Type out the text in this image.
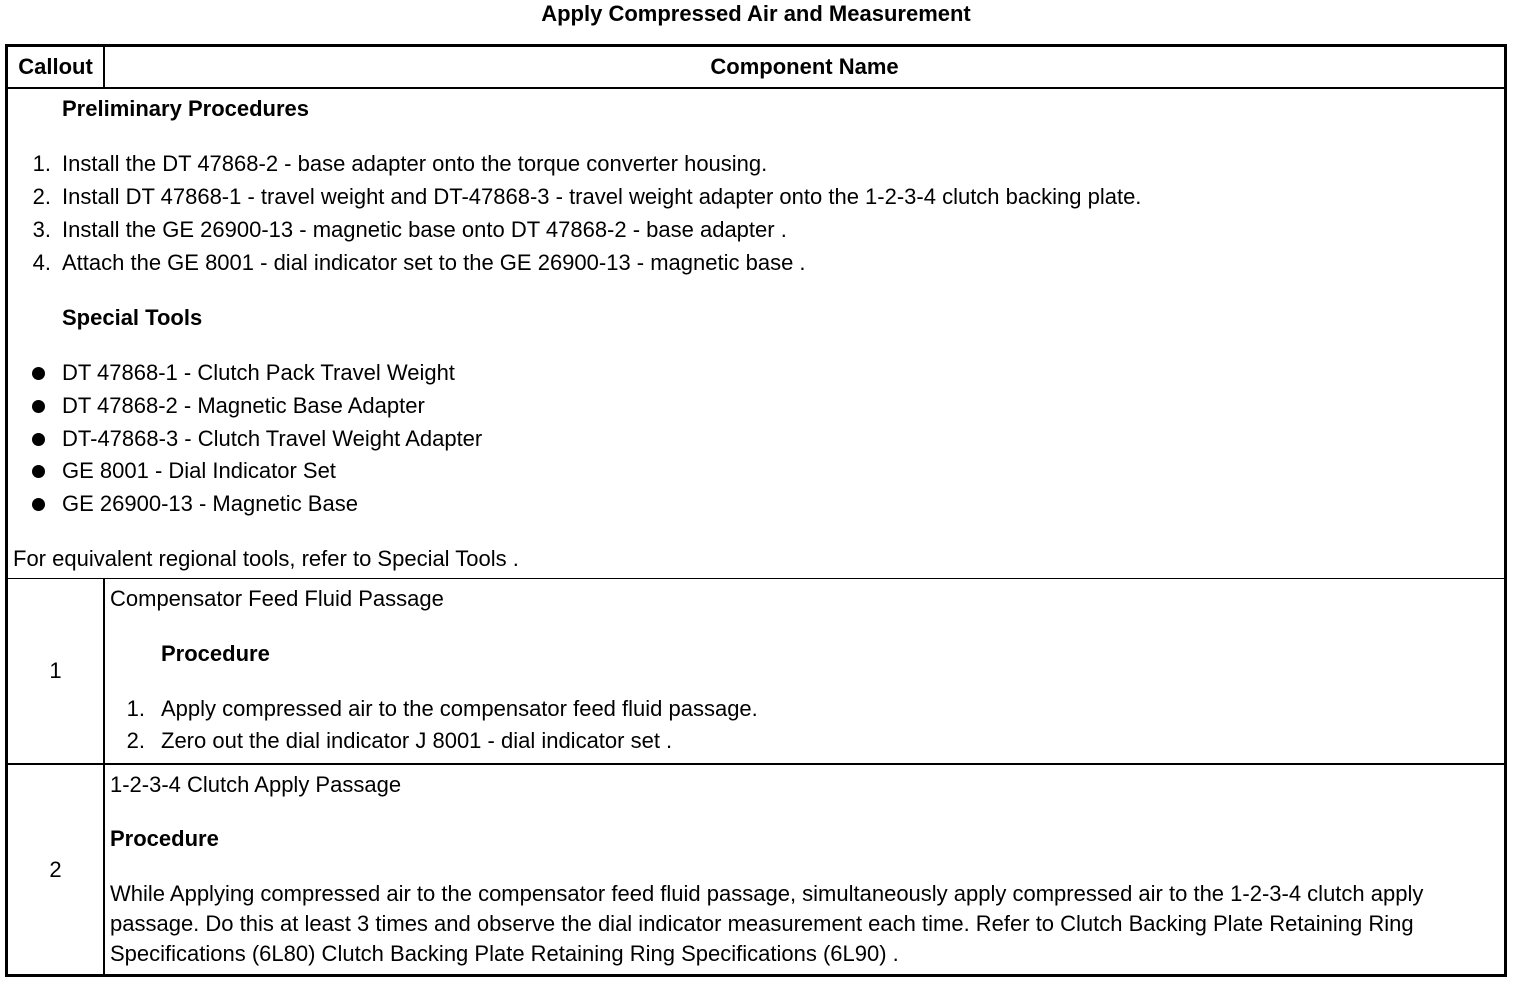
Apply Compressed Air and Measurement
Callout	Component Name
Preliminary Procedures
1. Install the DT 47868-2 - base adapter onto the torque converter housing.
2. Install DT 47868-1 - travel weight and DT-47868-3 - travel weight adapter onto the 1-2-3-4 clutch backing plate.
3. Install the GE 26900-13 - magnetic base onto DT 47868-2 - base adapter .
4. Attach the GE 8001 - dial indicator set to the GE 26900-13 - magnetic base .
Special Tools
DT 47868-1 - Clutch Pack Travel Weight
DT 47868-2 - Magnetic Base Adapter
DT-47868-3 - Clutch Travel Weight Adapter
GE 8001 - Dial Indicator Set
GE 26900-13 - Magnetic Base
For equivalent regional tools, refer to Special Tools .
1
Compensator Feed Fluid Passage
Procedure
1. Apply compressed air to the compensator feed fluid passage.
2. Zero out the dial indicator J 8001 - dial indicator set .
2
1-2-3-4 Clutch Apply Passage
Procedure
While Applying compressed air to the compensator feed fluid passage, simultaneously apply compressed air to the 1-2-3-4 clutch apply passage. Do this at least 3 times and observe the dial indicator measurement each time. Refer to Clutch Backing Plate Retaining Ring Specifications (6L80) Clutch Backing Plate Retaining Ring Specifications (6L90) .
